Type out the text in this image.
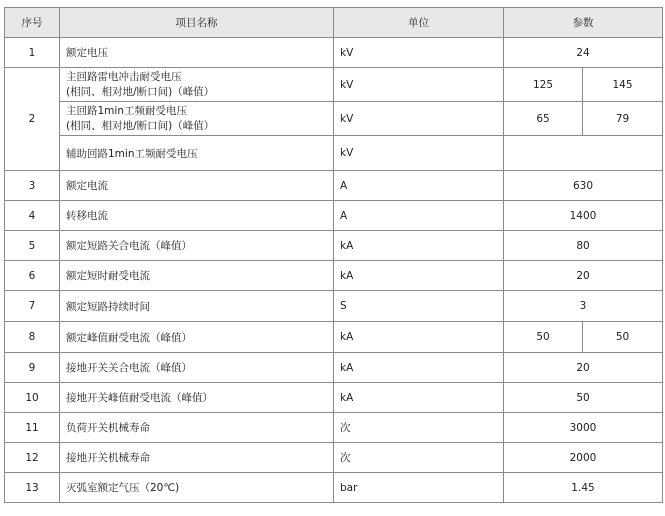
序号	项目名称	单位	参数	
1	额定电压	kV	24	
2	主回路雷电冲击耐受电压
(相同、相对地/断口间)（峰值）	kV	125	145

	主回路1min工频耐受电压
(相同、相对地/断口间)（峰值）	kV	65	79
	辅助回路1min工频耐受电压	kV		
3	额定电流	A	630	
4	转移电流	A	1400	
5	额定短路关合电流（峰值）	kA	80	
6	额定短时耐受电流	kA	20	
7	额定短路持续时间	S	3	
8	额定峰值耐受电流（峰值）	kA	50	50
9	接地开关关合电流（峰值）	kA	20	
10	接地开关峰值耐受电流（峰值）	kA	50	
11	负荷开关机械寿命	次	3000	
12	接地开关机械寿命	次	2000	
13	灭弧室额定气压（20℃)	bar	1.45	
